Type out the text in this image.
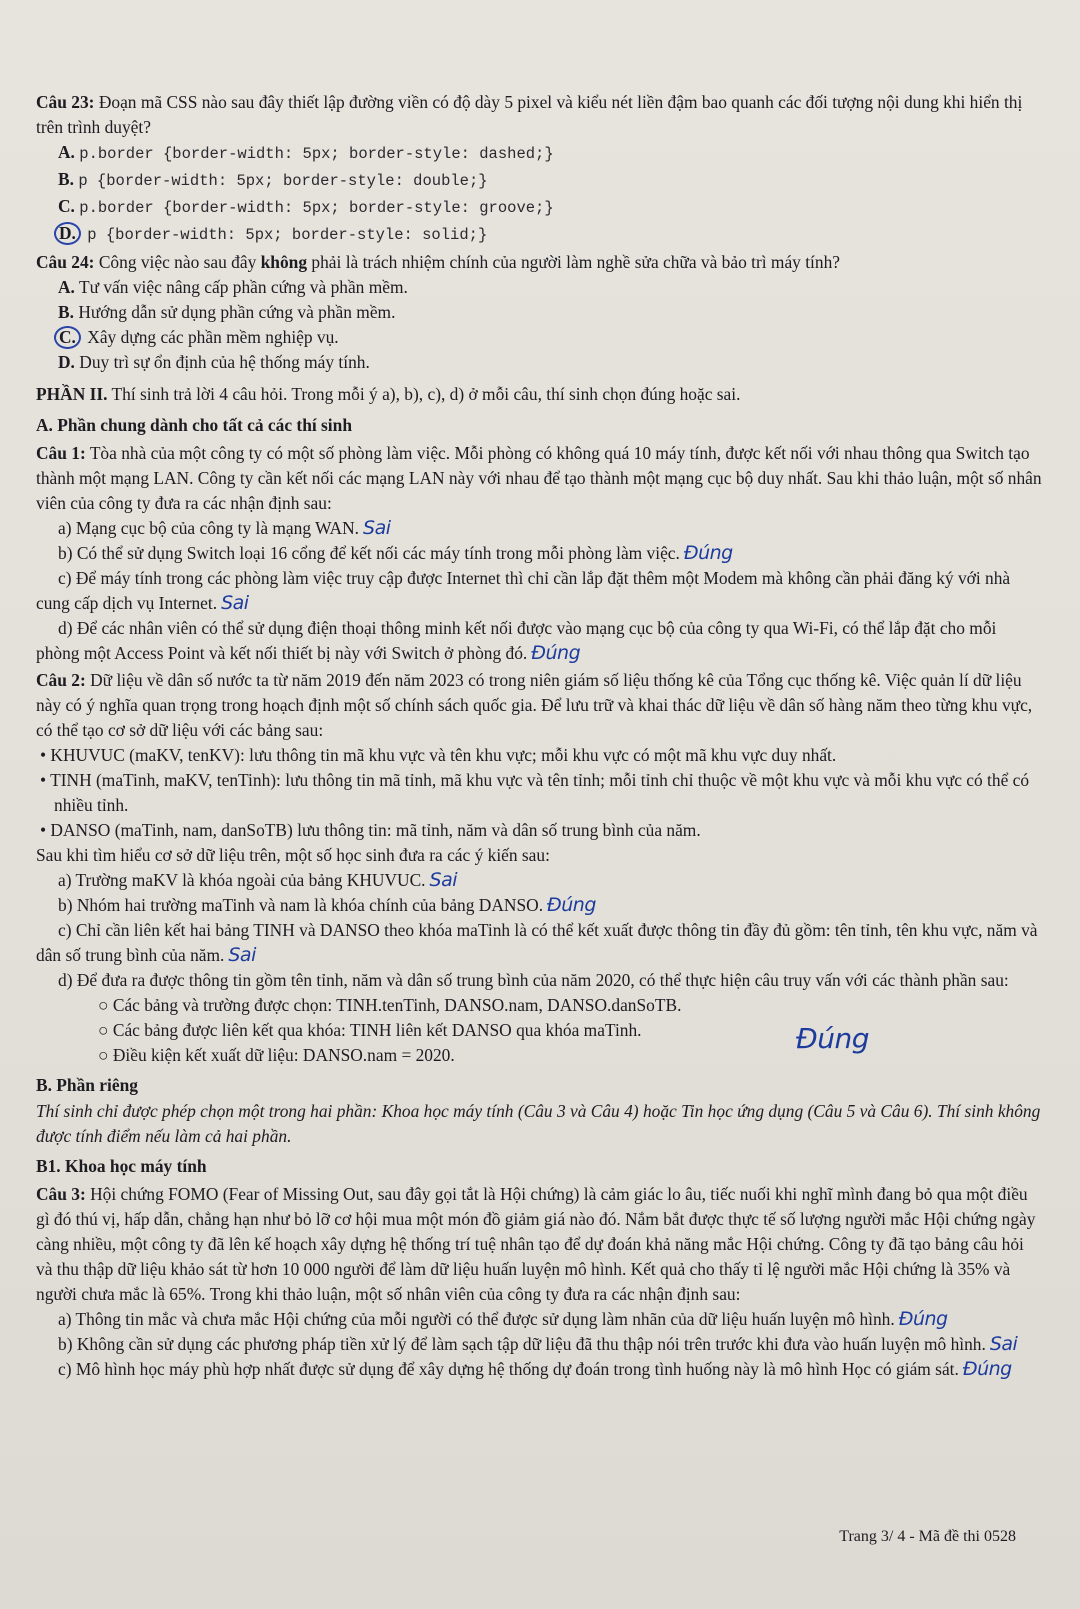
Câu 23: Đoạn mã CSS nào sau đây thiết lập đường viền có độ dày 5 pixel và kiểu nét liền đậm bao quanh các đối tượng nội dung khi hiển thị trên trình duyệt?

A. p.border {border-width: 5px; border-style: dashed;}

B. p {border-width: 5px; border-style: double;}

C. p.border {border-width: 5px; border-style: groove;}

D. p {border-width: 5px; border-style: solid;}

Câu 24: Công việc nào sau đây không phải là trách nhiệm chính của người làm nghề sửa chữa và bảo trì máy tính?

A. Tư vấn việc nâng cấp phần cứng và phần mềm.

B. Hướng dẫn sử dụng phần cứng và phần mềm.

C. Xây dựng các phần mềm nghiệp vụ.

D. Duy trì sự ổn định của hệ thống máy tính.

PHẦN II. Thí sinh trả lời 4 câu hỏi. Trong mỗi ý a), b), c), d) ở mỗi câu, thí sinh chọn đúng hoặc sai.

A. Phần chung dành cho tất cả các thí sinh

Câu 1: Tòa nhà của một công ty có một số phòng làm việc. Mỗi phòng có không quá 10 máy tính, được kết nối với nhau thông qua Switch tạo thành một mạng LAN. Công ty cần kết nối các mạng LAN này với nhau để tạo thành một mạng cục bộ duy nhất. Sau khi thảo luận, một số nhân viên của công ty đưa ra các nhận định sau:

a) Mạng cục bộ của công ty là mạng WAN. Sai

b) Có thể sử dụng Switch loại 16 cổng để kết nối các máy tính trong mỗi phòng làm việc. Đúng

c) Để máy tính trong các phòng làm việc truy cập được Internet thì chỉ cần lắp đặt thêm một Modem mà không cần phải đăng ký với nhà cung cấp dịch vụ Internet. Sai

d) Để các nhân viên có thể sử dụng điện thoại thông minh kết nối được vào mạng cục bộ của công ty qua Wi-Fi, có thể lắp đặt cho mỗi phòng một Access Point và kết nối thiết bị này với Switch ở phòng đó. Đúng

Câu 2: Dữ liệu về dân số nước ta từ năm 2019 đến năm 2023 có trong niên giám số liệu thống kê của Tổng cục thống kê. Việc quản lí dữ liệu này có ý nghĩa quan trọng trong hoạch định một số chính sách quốc gia. Để lưu trữ và khai thác dữ liệu về dân số hàng năm theo từng khu vực, có thể tạo cơ sở dữ liệu với các bảng sau:

• KHUVUC (maKV, tenKV): lưu thông tin mã khu vực và tên khu vực; mỗi khu vực có một mã khu vực duy nhất.

• TINH (maTinh, maKV, tenTinh): lưu thông tin mã tỉnh, mã khu vực và tên tỉnh; mỗi tỉnh chỉ thuộc về một khu vực và mỗi khu vực có thể có nhiều tỉnh.

• DANSO (maTinh, nam, danSoTB) lưu thông tin: mã tỉnh, năm và dân số trung bình của năm.

Sau khi tìm hiểu cơ sở dữ liệu trên, một số học sinh đưa ra các ý kiến sau:

a) Trường maKV là khóa ngoài của bảng KHUVUC. Sai

b) Nhóm hai trường maTinh và nam là khóa chính của bảng DANSO. Đúng

c) Chỉ cần liên kết hai bảng TINH và DANSO theo khóa maTinh là có thể kết xuất được thông tin đầy đủ gồm: tên tỉnh, tên khu vực, năm và dân số trung bình của năm. Sai

d) Để đưa ra được thông tin gồm tên tỉnh, năm và dân số trung bình của năm 2020, có thể thực hiện câu truy vấn với các thành phần sau:

○ Các bảng và trường được chọn: TINH.tenTinh, DANSO.nam, DANSO.danSoTB.

○ Các bảng được liên kết qua khóa: TINH liên kết DANSO qua khóa maTinh.

○ Điều kiện kết xuất dữ liệu: DANSO.nam = 2020.	Đúng

B. Phần riêng

Thí sinh chỉ được phép chọn một trong hai phần: Khoa học máy tính (Câu 3 và Câu 4) hoặc Tin học ứng dụng (Câu 5 và Câu 6). Thí sinh không được tính điểm nếu làm cả hai phần.

B1. Khoa học máy tính

Câu 3: Hội chứng FOMO (Fear of Missing Out, sau đây gọi tắt là Hội chứng) là cảm giác lo âu, tiếc nuối khi nghĩ mình đang bỏ qua một điều gì đó thú vị, hấp dẫn, chẳng hạn như bỏ lỡ cơ hội mua một món đồ giảm giá nào đó. Nắm bắt được thực tế số lượng người mắc Hội chứng ngày càng nhiều, một công ty đã lên kế hoạch xây dựng hệ thống trí tuệ nhân tạo để dự đoán khả năng mắc Hội chứng. Công ty đã tạo bảng câu hỏi và thu thập dữ liệu khảo sát từ hơn 10 000 người để làm dữ liệu huấn luyện mô hình. Kết quả cho thấy tỉ lệ người mắc Hội chứng là 35% và người chưa mắc là 65%. Trong khi thảo luận, một số nhân viên của công ty đưa ra các nhận định sau:

a) Thông tin mắc và chưa mắc Hội chứng của mỗi người có thể được sử dụng làm nhãn của dữ liệu huấn luyện mô hình. Đúng

b) Không cần sử dụng các phương pháp tiền xử lý để làm sạch tập dữ liệu đã thu thập nói trên trước khi đưa vào huấn luyện mô hình. Sai

c) Mô hình học máy phù hợp nhất được sử dụng để xây dựng hệ thống dự đoán trong tình huống này là mô hình Học có giám sát. Đúng

Trang 3/ 4 - Mã đề thi 0528
